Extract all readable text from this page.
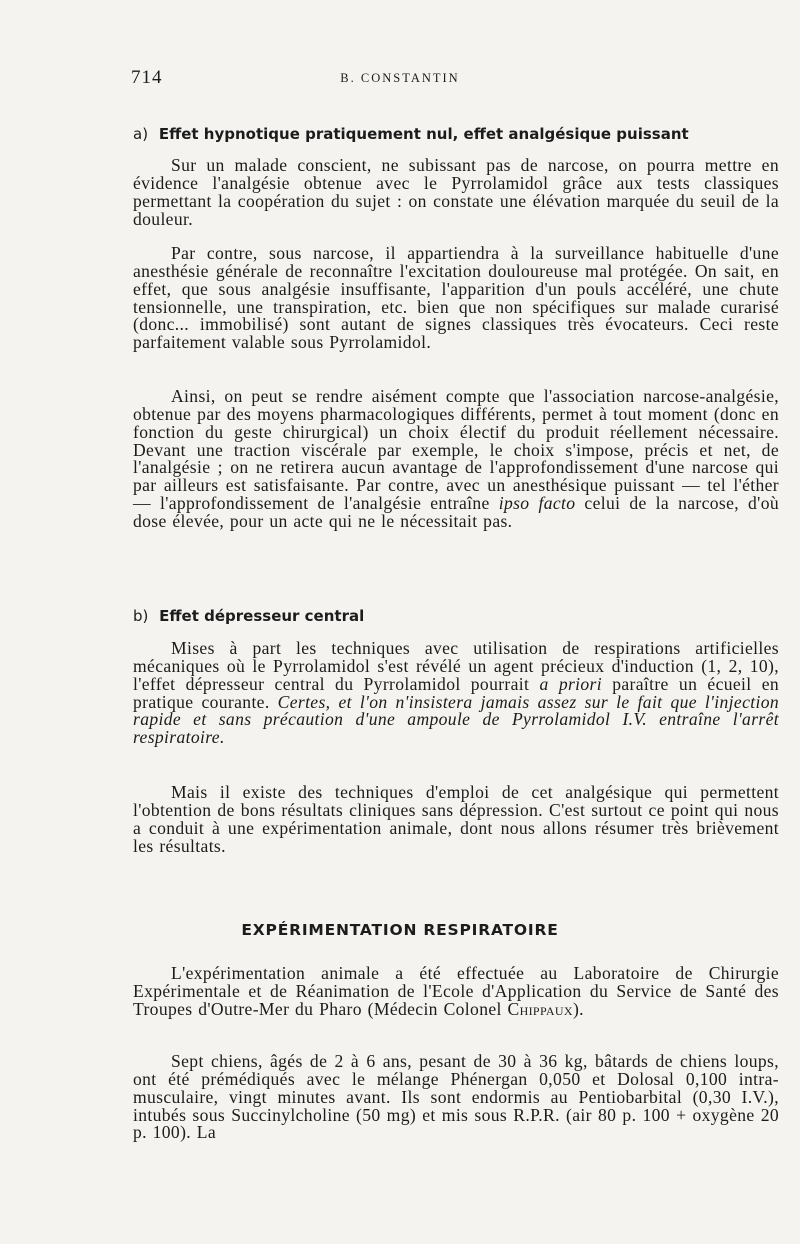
714	B. CONSTANTIN
a) Effet hypnotique pratiquement nul, effet analgésique puissant
Sur un malade conscient, ne subissant pas de narcose, on pourra mettre en évidence l'analgésie obtenue avec le Pyrrolamidol grâce aux tests classiques permettant la coopération du sujet : on constate une élévation marquée du seuil de la douleur.
Par contre, sous narcose, il appartiendra à la surveillance habituelle d'une anesthésie générale de reconnaître l'excitation douloureuse mal protégée. On sait, en effet, que sous analgésie insuffisante, l'apparition d'un pouls accéléré, une chute tensionnelle, une transpiration, etc. bien que non spécifiques sur malade curarisé (donc... immobilisé) sont autant de signes classiques très évocateurs. Ceci reste parfaitement valable sous Pyrrolamidol.
Ainsi, on peut se rendre aisément compte que l'association narcose-analgésie, obtenue par des moyens pharmacologiques différents, permet à tout moment (donc en fonction du geste chirurgical) un choix électif du produit réellement nécessaire. Devant une traction viscérale par exemple, le choix s'impose, précis et net, de l'analgésie ; on ne retirera aucun avantage de l'approfondissement d'une narcose qui par ailleurs est satisfaisante. Par contre, avec un anesthésique puissant — tel l'éther — l'approfondissement de l'analgésie entraîne ipso facto celui de la narcose, d'où dose élevée, pour un acte qui ne le nécessitait pas.
b) Effet dépresseur central
Mises à part les techniques avec utilisation de respirations artificielles mécaniques où le Pyrrolamidol s'est révélé un agent précieux d'induction (1, 2, 10), l'effet dépresseur central du Pyrrolamidol pourrait a priori paraître un écueil en pratique courante. Certes, et l'on n'insistera jamais assez sur le fait que l'injection rapide et sans précaution d'une ampoule de Pyrrolamidol I.V. entraîne l'arrêt respiratoire.
Mais il existe des techniques d'emploi de cet analgésique qui permettent l'obtention de bons résultats cliniques sans dépression. C'est surtout ce point qui nous a conduit à une expérimentation animale, dont nous allons résumer très brièvement les résultats.
EXPÉRIMENTATION RESPIRATOIRE
L'expérimentation animale a été effectuée au Laboratoire de Chirurgie Expérimentale et de Réanimation de l'Ecole d'Application du Service de Santé des Troupes d'Outre-Mer du Pharo (Médecin Colonel Chippaux).
Sept chiens, âgés de 2 à 6 ans, pesant de 30 à 36 kg, bâtards de chiens loups, ont été prémédiqués avec le mélange Phénergan 0,050 et Dolosal 0,100 intra-musculaire, vingt minutes avant. Ils sont endormis au Pentiobarbital (0,30 I.V.), intubés sous Succinylcholine (50 mg) et mis sous R.P.R. (air 80 p. 100 + oxygène 20 p. 100). La
